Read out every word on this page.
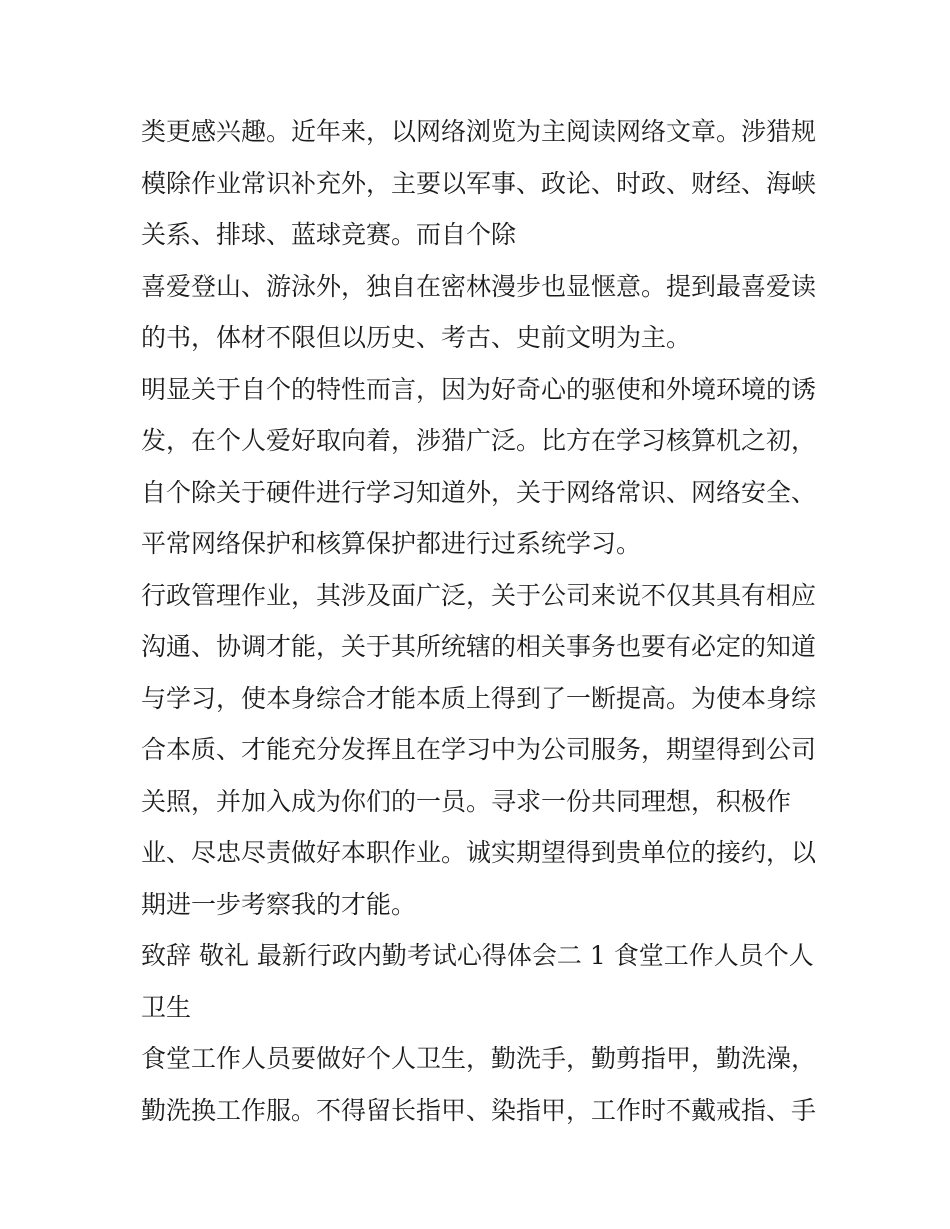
类更感兴趣。近年来，以网络浏览为主阅读网络文章。涉猎规
模除作业常识补充外，主要以军事、政论、时政、财经、海峡
关系、排球、蓝球竞赛。而自个除
喜爱登山、游泳外，独自在密林漫步也显惬意。提到最喜爱读
的书，体材不限但以历史、考古、史前文明为主。
明显关于自个的特性而言，因为好奇心的驱使和外境环境的诱
发，在个人爱好取向着，涉猎广泛。比方在学习核算机之初，
自个除关于硬件进行学习知道外，关于网络常识、网络安全、
平常网络保护和核算保护都进行过系统学习。
行政管理作业，其涉及面广泛，关于公司来说不仅其具有相应
沟通、协调才能，关于其所统辖的相关事务也要有必定的知道
与学习，使本身综合才能本质上得到了一断提高。为使本身综
合本质、才能充分发挥且在学习中为公司服务，期望得到公司
关照，并加入成为你们的一员。寻求一份共同理想，积极作
业、尽忠尽责做好本职作业。诚实期望得到贵单位的接约，以
期进一步考察我的才能。
致辞 敬礼 最新行政内勤考试心得体会二 1 食堂工作人员个人
卫生
食堂工作人员要做好个人卫生，勤洗手，勤剪指甲，勤洗澡，
勤洗换工作服。不得留长指甲、染指甲，工作时不戴戒指、手
